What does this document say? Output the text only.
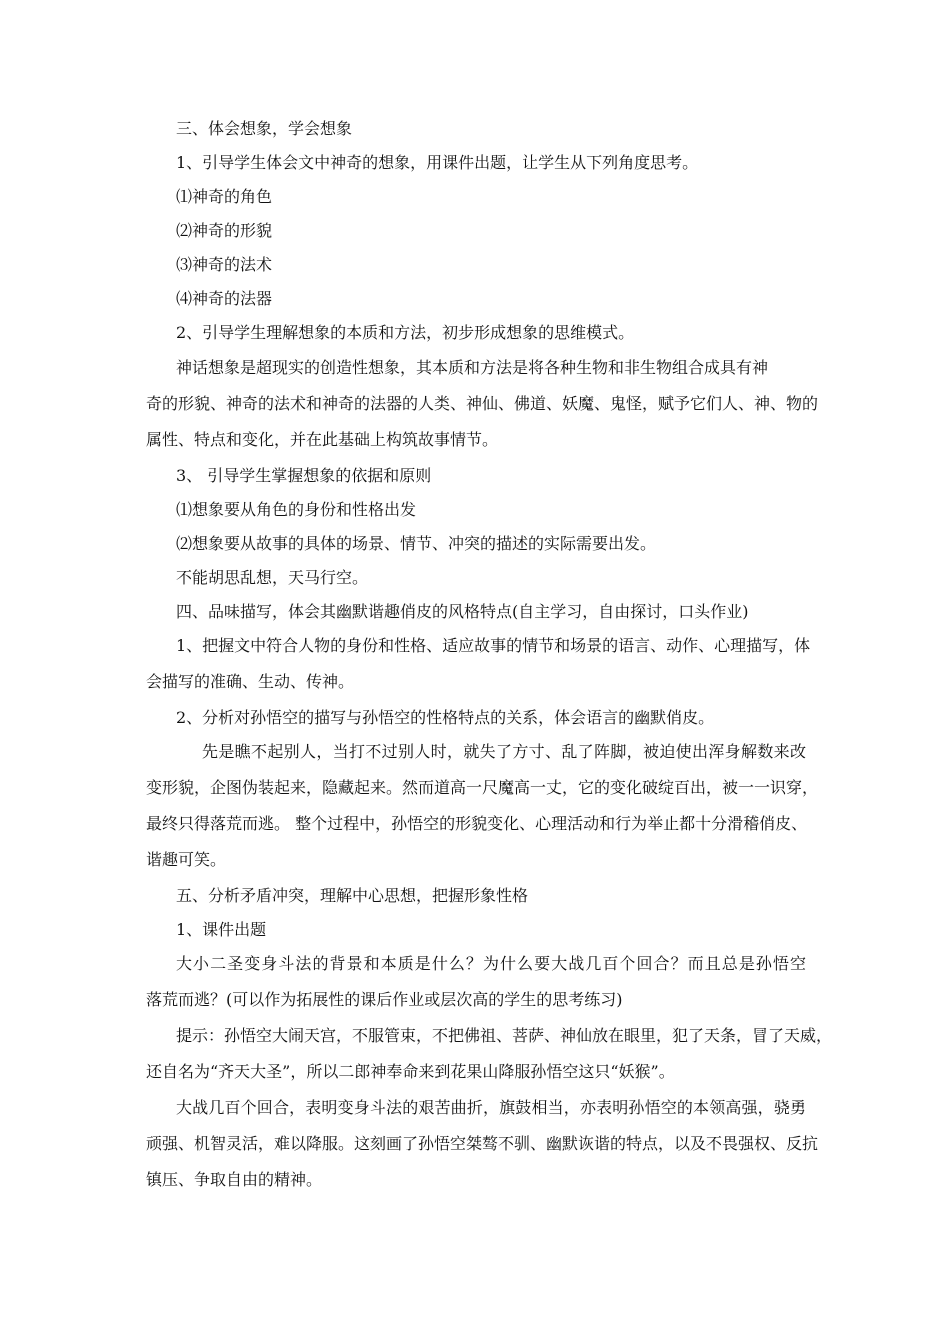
三、体会想象，学会想象
1、引导学生体会文中神奇的想象，用课件出题，让学生从下列角度思考。
⑴神奇的角色
⑵神奇的形貌
⑶神奇的法术
⑷神奇的法器
2、引导学生理解想象的本质和方法，初步形成想象的思维模式。
神话想象是超现实的创造性想象，其本质和方法是将各种生物和非生物组合成具有神
奇的形貌、神奇的法术和神奇的法器的人类、神仙、佛道、妖魔、鬼怪，赋予它们人、神、物的
属性、特点和变化，并在此基础上构筑故事情节。
3、 引导学生掌握想象的依据和原则
⑴想象要从角色的身份和性格出发
⑵想象要从故事的具体的场景、情节、冲突的描述的实际需要出发。
不能胡思乱想，天马行空。
四、品味描写，体会其幽默谐趣俏皮的风格特点(自主学习，自由探讨，口头作业)
1、把握文中符合人物的身份和性格、适应故事的情节和场景的语言、动作、心理描写，体
会描写的准确、生动、传神。
2、分析对孙悟空的描写与孙悟空的性格特点的关系，体会语言的幽默俏皮。
先是瞧不起别人，当打不过别人时，就失了方寸、乱了阵脚，被迫使出浑身解数来改
变形貌，企图伪装起来，隐藏起来。然而道高一尺魔高一丈，它的变化破绽百出，被一一识穿，
最终只得落荒而逃。 整个过程中，孙悟空的形貌变化、心理活动和行为举止都十分滑稽俏皮、
谐趣可笑。
五、分析矛盾冲突，理解中心思想，把握形象性格
1、课件出题
大小二圣变身斗法的背景和本质是什么？为什么要大战几百个回合？而且总是孙悟空
落荒而逃？(可以作为拓展性的课后作业或层次高的学生的思考练习)
提示：孙悟空大闹天宫，不服管束，不把佛祖、菩萨、神仙放在眼里，犯了天条，冒了天威，
还自名为“齐天大圣”，所以二郎神奉命来到花果山降服孙悟空这只“妖猴”。
大战几百个回合，表明变身斗法的艰苦曲折，旗鼓相当，亦表明孙悟空的本领高强，骁勇
顽强、机智灵活，难以降服。这刻画了孙悟空桀骜不驯、幽默诙谐的特点，以及不畏强权、反抗
镇压、争取自由的精神。
